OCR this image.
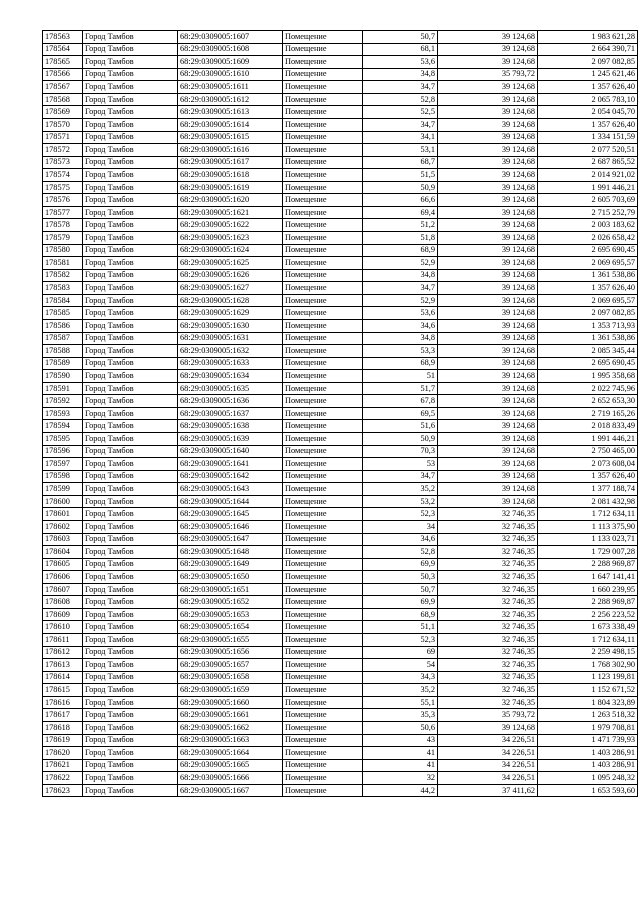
178563	Город Тамбов	68:29:0309005:1607	Помещение	50,7	39 124,68	1 983 621,28
178564	Город Тамбов	68:29:0309005:1608	Помещение	68,1	39 124,68	2 664 390,71
178565	Город Тамбов	68:29:0309005:1609	Помещение	53,6	39 124,68	2 097 082,85
178566	Город Тамбов	68:29:0309005:1610	Помещение	34,8	35 793,72	1 245 621,46
178567	Город Тамбов	68:29:0309005:1611	Помещение	34,7	39 124,68	1 357 626,40
178568	Город Тамбов	68:29:0309005:1612	Помещение	52,8	39 124,68	2 065 783,10
178569	Город Тамбов	68:29:0309005:1613	Помещение	52,5	39 124,68	2 054 045,70
178570	Город Тамбов	68:29:0309005:1614	Помещение	34,7	39 124,68	1 357 626,40
178571	Город Тамбов	68:29:0309005:1615	Помещение	34,1	39 124,68	1 334 151,59
178572	Город Тамбов	68:29:0309005:1616	Помещение	53,1	39 124,68	2 077 520,51
178573	Город Тамбов	68:29:0309005:1617	Помещение	68,7	39 124,68	2 687 865,52
178574	Город Тамбов	68:29:0309005:1618	Помещение	51,5	39 124,68	2 014 921,02
178575	Город Тамбов	68:29:0309005:1619	Помещение	50,9	39 124,68	1 991 446,21
178576	Город Тамбов	68:29:0309005:1620	Помещение	66,6	39 124,68	2 605 703,69
178577	Город Тамбов	68:29:0309005:1621	Помещение	69,4	39 124,68	2 715 252,79
178578	Город Тамбов	68:29:0309005:1622	Помещение	51,2	39 124,68	2 003 183,62
178579	Город Тамбов	68:29:0309005:1623	Помещение	51,8	39 124,68	2 026 658,42
178580	Город Тамбов	68:29:0309005:1624	Помещение	68,9	39 124,68	2 695 690,45
178581	Город Тамбов	68:29:0309005:1625	Помещение	52,9	39 124,68	2 069 695,57
178582	Город Тамбов	68:29:0309005:1626	Помещение	34,8	39 124,68	1 361 538,86
178583	Город Тамбов	68:29:0309005:1627	Помещение	34,7	39 124,68	1 357 626,40
178584	Город Тамбов	68:29:0309005:1628	Помещение	52,9	39 124,68	2 069 695,57
178585	Город Тамбов	68:29:0309005:1629	Помещение	53,6	39 124,68	2 097 082,85
178586	Город Тамбов	68:29:0309005:1630	Помещение	34,6	39 124,68	1 353 713,93
178587	Город Тамбов	68:29:0309005:1631	Помещение	34,8	39 124,68	1 361 538,86
178588	Город Тамбов	68:29:0309005:1632	Помещение	53,3	39 124,68	2 085 345,44
178589	Город Тамбов	68:29:0309005:1633	Помещение	68,9	39 124,68	2 695 690,45
178590	Город Тамбов	68:29:0309005:1634	Помещение	51	39 124,68	1 995 358,68
178591	Город Тамбов	68:29:0309005:1635	Помещение	51,7	39 124,68	2 022 745,96
178592	Город Тамбов	68:29:0309005:1636	Помещение	67,8	39 124,68	2 652 653,30
178593	Город Тамбов	68:29:0309005:1637	Помещение	69,5	39 124,68	2 719 165,26
178594	Город Тамбов	68:29:0309005:1638	Помещение	51,6	39 124,68	2 018 833,49
178595	Город Тамбов	68:29:0309005:1639	Помещение	50,9	39 124,68	1 991 446,21
178596	Город Тамбов	68:29:0309005:1640	Помещение	70,3	39 124,68	2 750 465,00
178597	Город Тамбов	68:29:0309005:1641	Помещение	53	39 124,68	2 073 608,04
178598	Город Тамбов	68:29:0309005:1642	Помещение	34,7	39 124,68	1 357 626,40
178599	Город Тамбов	68:29:0309005:1643	Помещение	35,2	39 124,68	1 377 188,74
178600	Город Тамбов	68:29:0309005:1644	Помещение	53,2	39 124,68	2 081 432,98
178601	Город Тамбов	68:29:0309005:1645	Помещение	52,3	32 746,35	1 712 634,11
178602	Город Тамбов	68:29:0309005:1646	Помещение	34	32 746,35	1 113 375,90
178603	Город Тамбов	68:29:0309005:1647	Помещение	34,6	32 746,35	1 133 023,71
178604	Город Тамбов	68:29:0309005:1648	Помещение	52,8	32 746,35	1 729 007,28
178605	Город Тамбов	68:29:0309005:1649	Помещение	69,9	32 746,35	2 288 969,87
178606	Город Тамбов	68:29:0309005:1650	Помещение	50,3	32 746,35	1 647 141,41
178607	Город Тамбов	68:29:0309005:1651	Помещение	50,7	32 746,35	1 660 239,95
178608	Город Тамбов	68:29:0309005:1652	Помещение	69,9	32 746,35	2 288 969,87
178609	Город Тамбов	68:29:0309005:1653	Помещение	68,9	32 746,35	2 256 223,52
178610	Город Тамбов	68:29:0309005:1654	Помещение	51,1	32 746,35	1 673 338,49
178611	Город Тамбов	68:29:0309005:1655	Помещение	52,3	32 746,35	1 712 634,11
178612	Город Тамбов	68:29:0309005:1656	Помещение	69	32 746,35	2 259 498,15
178613	Город Тамбов	68:29:0309005:1657	Помещение	54	32 746,35	1 768 302,90
178614	Город Тамбов	68:29:0309005:1658	Помещение	34,3	32 746,35	1 123 199,81
178615	Город Тамбов	68:29:0309005:1659	Помещение	35,2	32 746,35	1 152 671,52
178616	Город Тамбов	68:29:0309005:1660	Помещение	55,1	32 746,35	1 804 323,89
178617	Город Тамбов	68:29:0309005:1661	Помещение	35,3	35 793,72	1 263 518,32
178618	Город Тамбов	68:29:0309005:1662	Помещение	50,6	39 124,68	1 979 708,81
178619	Город Тамбов	68:29:0309005:1663	Помещение	43	34 226,51	1 471 739,93
178620	Город Тамбов	68:29:0309005:1664	Помещение	41	34 226,51	1 403 286,91
178621	Город Тамбов	68:29:0309005:1665	Помещение	41	34 226,51	1 403 286,91
178622	Город Тамбов	68:29:0309005:1666	Помещение	32	34 226,51	1 095 248,32
178623	Город Тамбов	68:29:0309005:1667	Помещение	44,2	37 411,62	1 653 593,60
